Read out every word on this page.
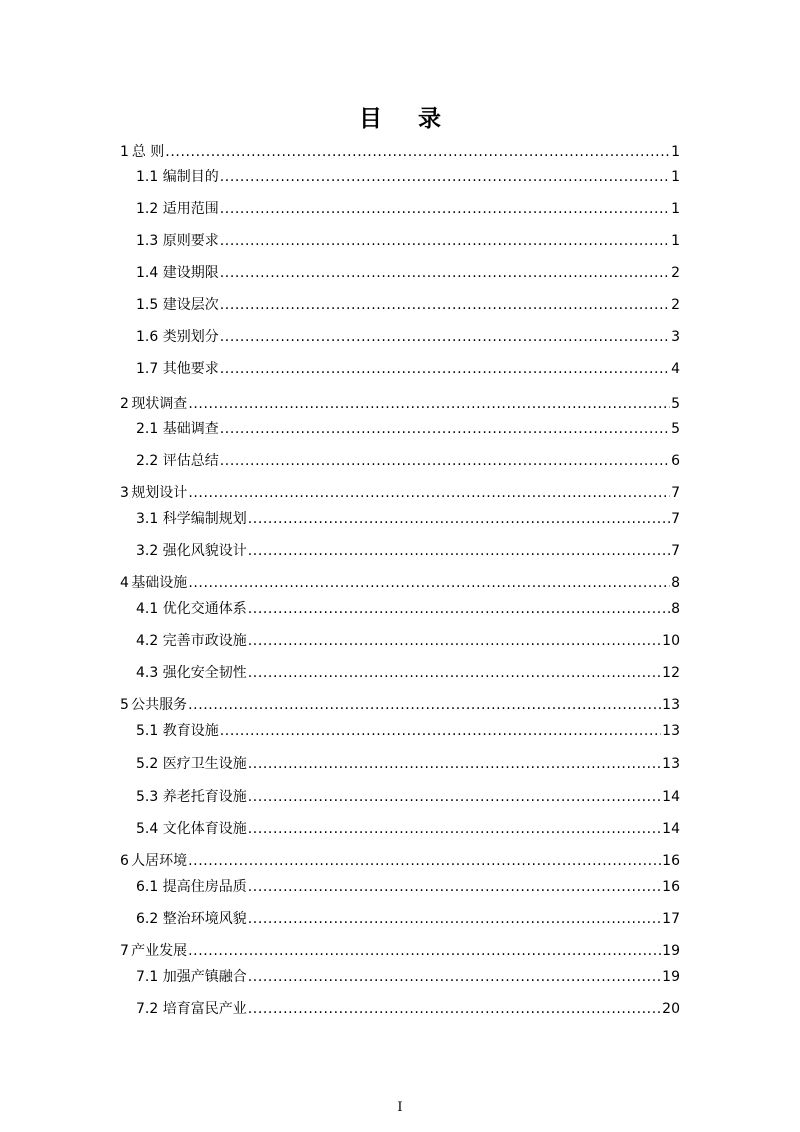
目 录
1 总 则 .....	1
1.1 编制目的 .....	1
1.2 适用范围 .....	1
1.3 原则要求 .....	1
1.4 建设期限 .....	2
1.5 建设层次 .....	2
1.6 类别划分 .....	3
1.7 其他要求 .....	4
2 现状调查 .....	5
2.1 基础调查 .....	5
2.2 评估总结 .....	6
3 规划设计 .....	7
3.1 科学编制规划 .....	7
3.2 强化风貌设计 .....	7
4 基础设施 .....	8
4.1 优化交通体系 .....	8
4.2 完善市政设施 .....	10
4.3 强化安全韧性 .....	12
5 公共服务 .....	13
5.1 教育设施 .....	13
5.2 医疗卫生设施 .....	13
5.3 养老托育设施 .....	14
5.4 文化体育设施 .....	14
6 人居环境 .....	16
6.1 提高住房品质 .....	16
6.2 整治环境风貌 .....	17
7 产业发展 .....	19
7.1 加强产镇融合 .....	19
7.2 培育富民产业 .....	20
I
